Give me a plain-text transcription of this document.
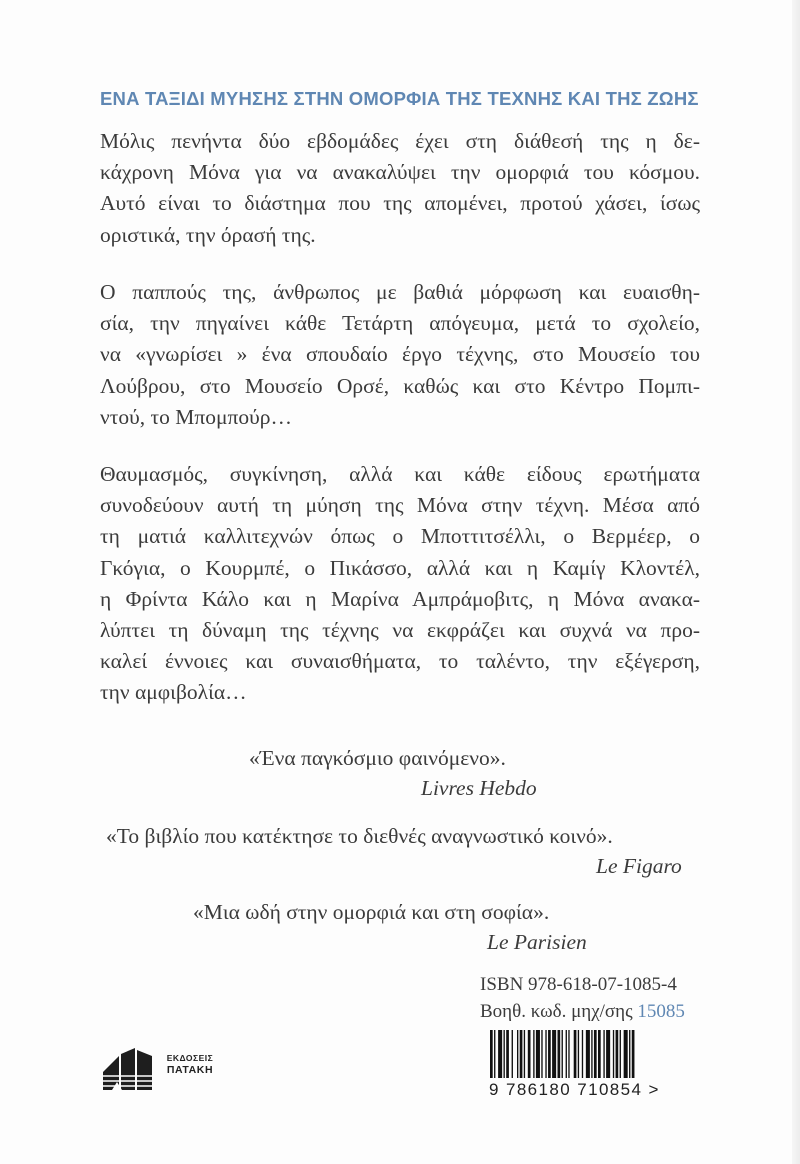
ΕΝΑ ΤΑΞΙΔΙ ΜΥΗΣΗΣ ΣΤΗΝ ΟΜΟΡΦΙΑ ΤΗΣ ΤΕΧΝΗΣ ΚΑΙ ΤΗΣ ΖΩΗΣ
Μόλις πενήντα δύο εβδομάδες έχει στη διάθεσή της η δε-
κάχρονη Μόνα για να ανακαλύψει την ομορφιά του κόσμου.
Αυτό είναι το διάστημα που της απομένει, προτού χάσει, ίσως
οριστικά, την όρασή της.
Ο παππούς της, άνθρωπος με βαθιά μόρφωση και ευαισθη-
σία, την πηγαίνει κάθε Τετάρτη απόγευμα, μετά το σχολείο,
να «γνωρίσει » ένα σπουδαίο έργο τέχνης, στο Μουσείο του
Λούβρου, στο Μουσείο Ορσέ, καθώς και στο Κέντρο Πομπι-
ντού, το Μπομπούρ…
Θαυμασμός, συγκίνηση, αλλά και κάθε είδους ερωτήματα
συνοδεύουν αυτή τη μύηση της Μόνα στην τέχνη. Μέσα από
τη ματιά καλλιτεχνών όπως ο Μποττιτσέλλι, ο Βερμέερ, ο
Γκόγια, ο Κουρμπέ, ο Πικάσσο, αλλά και η Καμίγ Κλοντέλ,
η Φρίντα Κάλο και η Μαρίνα Αμπράμοβιτς, η Μόνα ανακα-
λύπτει τη δύναμη της τέχνης να εκφράζει και συχνά να προ-
καλεί έννοιες και συναισθήματα, το ταλέντο, την εξέγερση,
την αμφιβολία…
«Ένα παγκόσμιο φαινόμενο».
Livres Hebdo
«Το βιβλίο που κατέκτησε το διεθνές αναγνωστικό κοινό».
Le Figaro
«Μια ωδή στην ομορφιά και στη σοφία».
Le Parisien
ISBN 978-618-07-1085-4
Βοηθ. κωδ. μηχ/σης 15085
9 786180 710854 >
ΕΚΔΟΣΕΙΣ
ΠΑΤΑΚΗ
